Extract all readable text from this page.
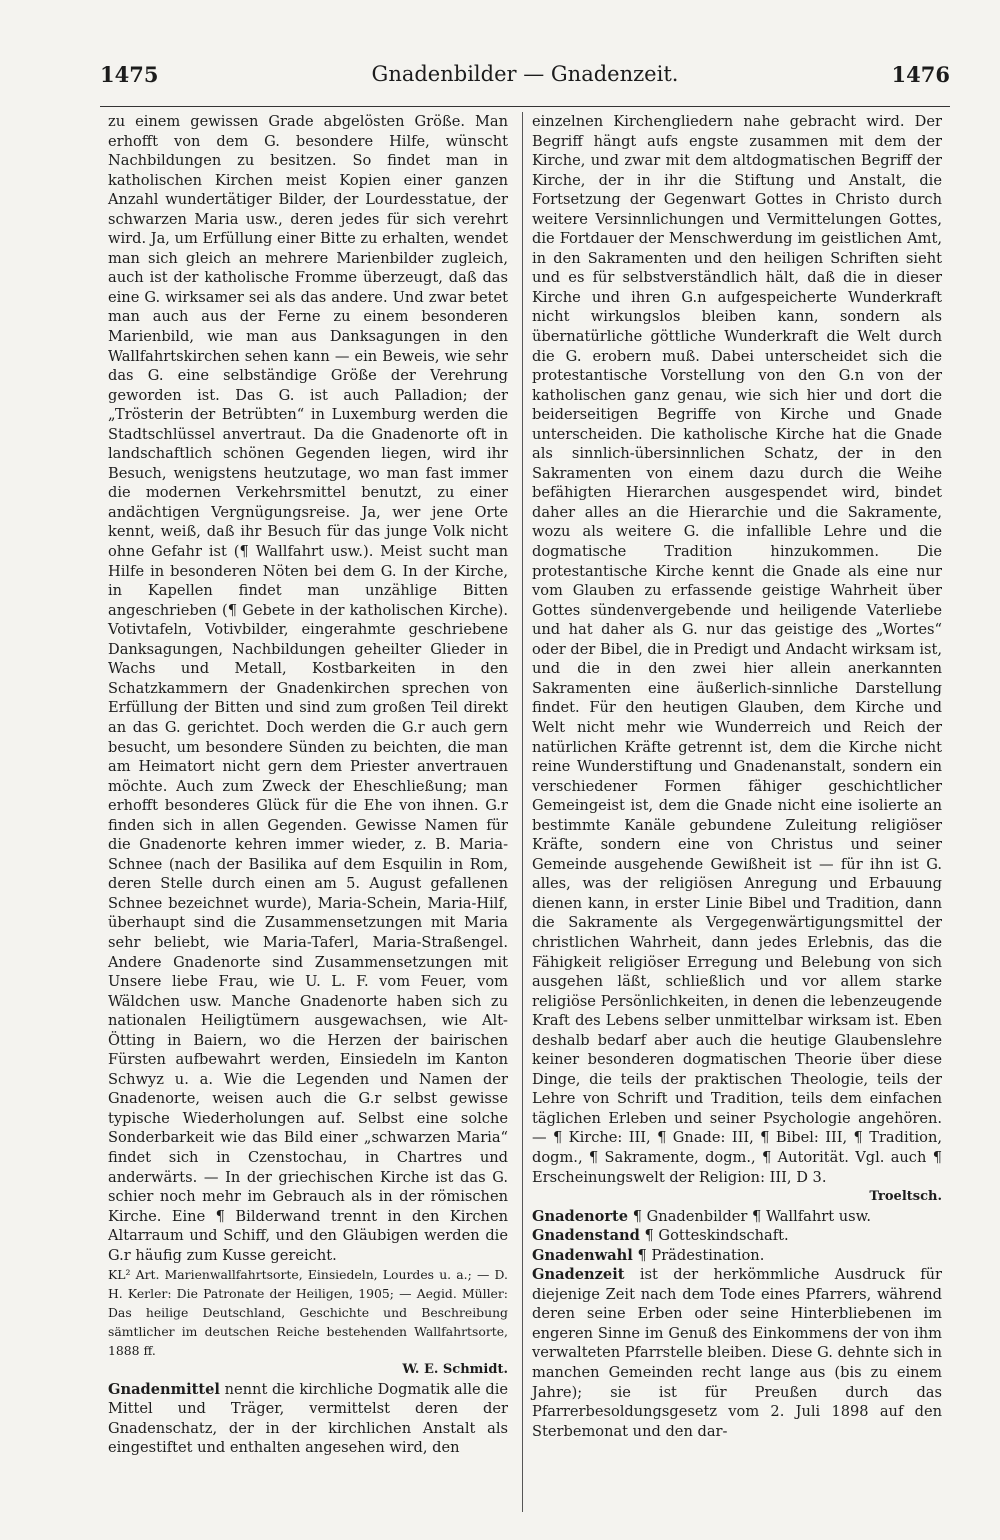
1475	Gnadenbilder — Gnadenzeit.	1476

zu einem gewissen Grade abgelösten Größe. Man erhofft von dem G. besondere Hilfe, wünscht Nachbildungen zu besitzen. So findet man in katholischen Kirchen meist Kopien einer ganzen Anzahl wundertätiger Bilder, der Lourdesstatue, der schwarzen Maria usw., deren jedes für sich verehrt wird. Ja, um Erfüllung einer Bitte zu erhalten, wendet man sich gleich an mehrere Marienbilder zugleich, auch ist der katholische Fromme überzeugt, daß das eine G. wirksamer sei als das andere. Und zwar betet man auch aus der Ferne zu einem besonderen Marienbild, wie man aus Danksagungen in den Wallfahrtskirchen sehen kann — ein Beweis, wie sehr das G. eine selbständige Größe der Verehrung geworden ist. Das G. ist auch Palladion; der „Trösterin der Betrübten“ in Luxemburg werden die Stadtschlüssel anvertraut. Da die Gnadenorte oft in landschaftlich schönen Gegenden liegen, wird ihr Besuch, wenigstens heutzutage, wo man fast immer die modernen Verkehrsmittel benutzt, zu einer andächtigen Vergnügungsreise. Ja, wer jene Orte kennt, weiß, daß ihr Besuch für das junge Volk nicht ohne Gefahr ist (¶ Wallfahrt usw.). Meist sucht man Hilfe in besonderen Nöten bei dem G. In der Kirche, in Kapellen findet man unzählige Bitten angeschrieben (¶ Gebete in der katholischen Kirche). Votivtafeln, Votivbilder, eingerahmte geschriebene Danksagungen, Nachbildungen geheilter Glieder in Wachs und Metall, Kostbarkeiten in den Schatzkammern der Gnadenkirchen sprechen von Erfüllung der Bitten und sind zum großen Teil direkt an das G. gerichtet. Doch werden die G.r auch gern besucht, um besondere Sünden zu beichten, die man am Heimatort nicht gern dem Priester anvertrauen möchte. Auch zum Zweck der Eheschließung; man erhofft besonderes Glück für die Ehe von ihnen. G.r finden sich in allen Gegenden. Gewisse Namen für die Gnadenorte kehren immer wieder, z. B. Maria-Schnee (nach der Basilika auf dem Esquilin in Rom, deren Stelle durch einen am 5. August gefallenen Schnee bezeichnet wurde), Maria-Schein, Maria-Hilf, überhaupt sind die Zusammensetzungen mit Maria sehr beliebt, wie Maria-Taferl, Maria-Straßengel. Andere Gnadenorte sind Zusammensetzungen mit Unsere liebe Frau, wie U. L. F. vom Feuer, vom Wäldchen usw. Manche Gnadenorte haben sich zu nationalen Heiligtümern ausgewachsen, wie Alt-Ötting in Baiern, wo die Herzen der bairischen Fürsten aufbewahrt werden, Einsiedeln im Kanton Schwyz u. a. Wie die Legenden und Namen der Gnadenorte, weisen auch die G.r selbst gewisse typische Wiederholungen auf. Selbst eine solche Sonderbarkeit wie das Bild einer „schwarzen Maria“ findet sich in Czenstochau, in Chartres und anderwärts. — In der griechischen Kirche ist das G. schier noch mehr im Gebrauch als in der römischen Kirche. Eine ¶ Bilderwand trennt in den Kirchen Altarraum und Schiff, und den Gläubigen werden die G.r häufig zum Kusse gereicht.

KL² Art. Marienwallfahrtsorte, Einsiedeln, Lourdes u. a.; — D. H. Kerler: Die Patronate der Heiligen, 1905; — Aegid. Müller: Das heilige Deutschland, Geschichte und Beschreibung sämtlicher im deutschen Reiche bestehenden Wallfahrtsorte, 1888 ff.

W. E. Schmidt.

Gnadenmittel nennt die kirchliche Dogmatik alle die Mittel und Träger, vermittelst deren der Gnadenschatz, der in der kirchlichen Anstalt als eingestiftet und enthalten angesehen wird, den

einzelnen Kirchengliedern nahe gebracht wird. Der Begriff hängt aufs engste zusammen mit dem der Kirche, und zwar mit dem altdogmatischen Begriff der Kirche, der in ihr die Stiftung und Anstalt, die Fortsetzung der Gegenwart Gottes in Christo durch weitere Versinnlichungen und Vermittelungen Gottes, die Fortdauer der Menschwerdung im geistlichen Amt, in den Sakramenten und den heiligen Schriften sieht und es für selbstverständlich hält, daß die in dieser Kirche und ihren G.n aufgespeicherte Wunderkraft nicht wirkungslos bleiben kann, sondern als übernatürliche göttliche Wunderkraft die Welt durch die G. erobern muß. Dabei unterscheidet sich die protestantische Vorstellung von den G.n von der katholischen ganz genau, wie sich hier und dort die beiderseitigen Begriffe von Kirche und Gnade unterscheiden. Die katholische Kirche hat die Gnade als sinnlich-übersinnlichen Schatz, der in den Sakramenten von einem dazu durch die Weihe befähigten Hierarchen ausgespendet wird, bindet daher alles an die Hierarchie und die Sakramente, wozu als weitere G. die infallible Lehre und die dogmatische Tradition hinzukommen. Die protestantische Kirche kennt die Gnade als eine nur vom Glauben zu erfassende geistige Wahrheit über Gottes sündenvergebende und heiligende Vaterliebe und hat daher als G. nur das geistige des „Wortes“ oder der Bibel, die in Predigt und Andacht wirksam ist, und die in den zwei hier allein anerkannten Sakramenten eine äußerlich-sinnliche Darstellung findet. Für den heutigen Glauben, dem Kirche und Welt nicht mehr wie Wunderreich und Reich der natürlichen Kräfte getrennt ist, dem die Kirche nicht reine Wunderstiftung und Gnadenanstalt, sondern ein verschiedener Formen fähiger geschichtlicher Gemeingeist ist, dem die Gnade nicht eine isolierte an bestimmte Kanäle gebundene Zuleitung religiöser Kräfte, sondern eine von Christus und seiner Gemeinde ausgehende Gewißheit ist — für ihn ist G. alles, was der religiösen Anregung und Erbauung dienen kann, in erster Linie Bibel und Tradition, dann die Sakramente als Vergegenwärtigungsmittel der christlichen Wahrheit, dann jedes Erlebnis, das die Fähigkeit religiöser Erregung und Belebung von sich ausgehen läßt, schließlich und vor allem starke religiöse Persönlichkeiten, in denen die lebenzeugende Kraft des Lebens selber unmittelbar wirksam ist. Eben deshalb bedarf aber auch die heutige Glaubenslehre keiner besonderen dogmatischen Theorie über diese Dinge, die teils der praktischen Theologie, teils der Lehre von Schrift und Tradition, teils dem einfachen täglichen Erleben und seiner Psychologie angehören. — ¶ Kirche: III, ¶ Gnade: III, ¶ Bibel: III, ¶ Tradition, dogm., ¶ Sakramente, dogm., ¶ Autorität. Vgl. auch ¶ Erscheinungswelt der Religion: III, D 3.

Troeltsch.

Gnadenorte ¶ Gnadenbilder ¶ Wallfahrt usw.

Gnadenstand ¶ Gotteskindschaft.

Gnadenwahl ¶ Prädestination.

Gnadenzeit ist der herkömmliche Ausdruck für diejenige Zeit nach dem Tode eines Pfarrers, während deren seine Erben oder seine Hinterbliebenen im engeren Sinne im Genuß des Einkommens der von ihm verwalteten Pfarrstelle bleiben. Diese G. dehnte sich in manchen Gemeinden recht lange aus (bis zu einem Jahre); sie ist für Preußen durch das Pfarrerbesoldungsgesetz vom 2. Juli 1898 auf den Sterbemonat und den dar-
